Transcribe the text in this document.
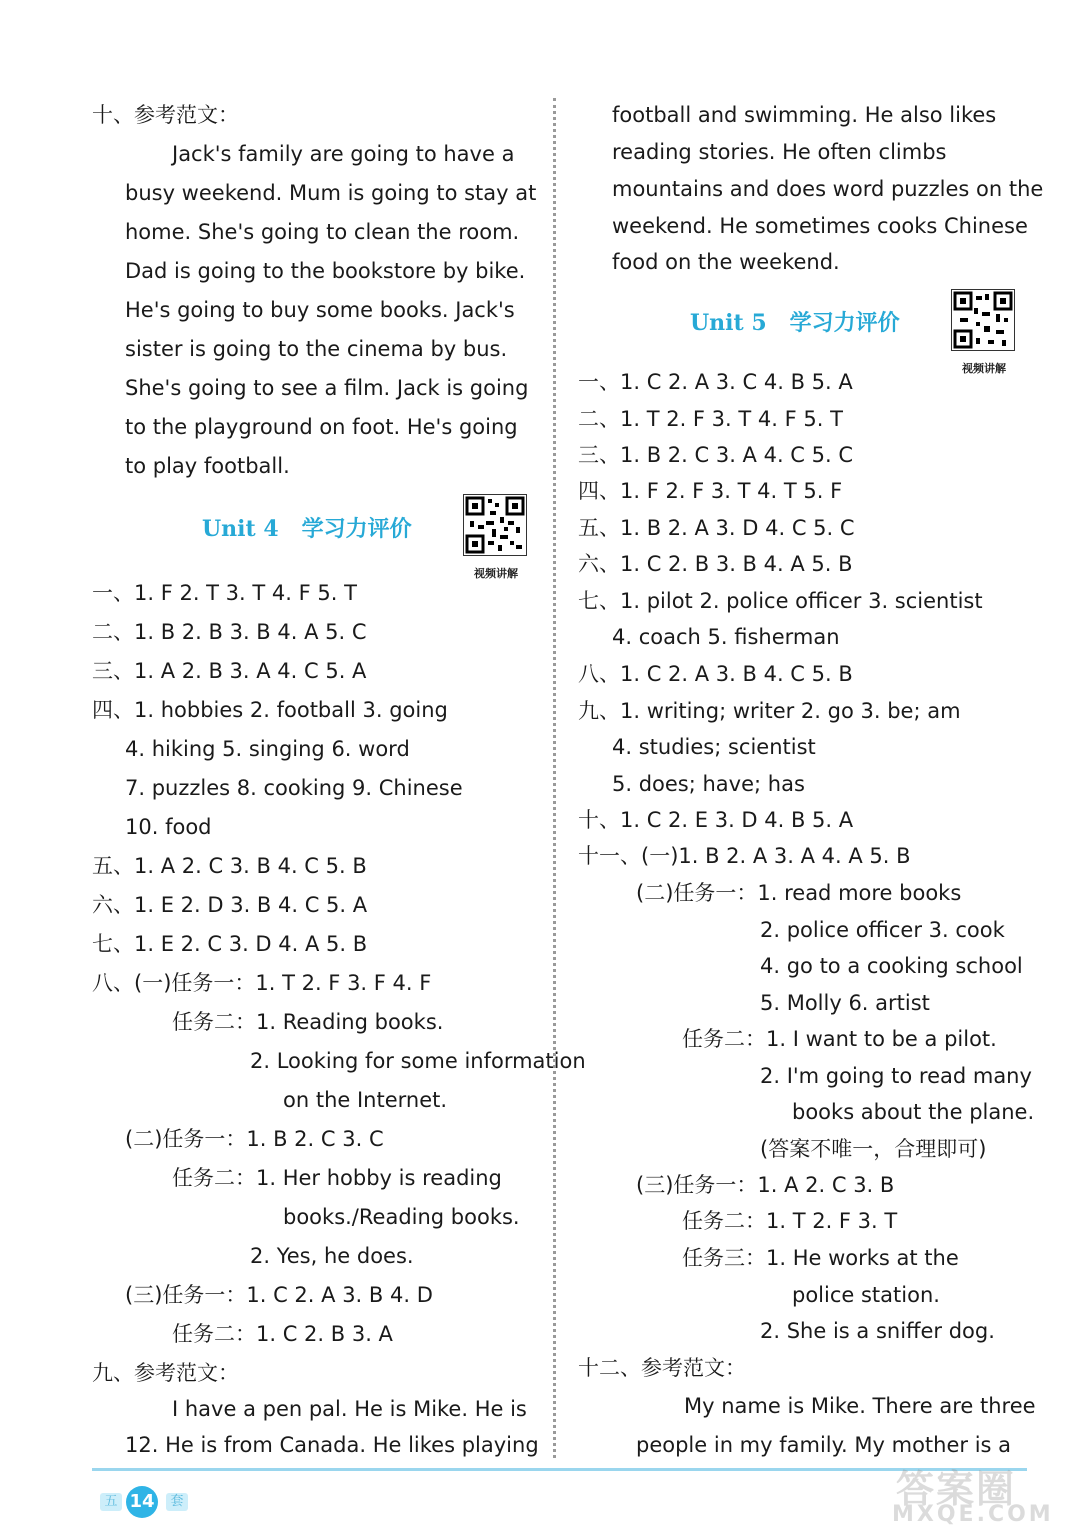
十、参考范文：
Jack's family are going to have a
busy weekend. Mum is going to stay at
home. She's going to clean the room.
Dad is going to the bookstore by bike.
He's going to buy some books. Jack's
sister is going to the cinema by bus.
She's going to see a film. Jack is going
to the playground on foot. He's going
to play football.
Unit 4 学习力评价
视频讲解
一、1. F 2. T 3. T 4. F 5. T
二、1. B 2. B 3. B 4. A 5. C
三、1. A 2. B 3. A 4. C 5. A
四、1. hobbies 2. football 3. going
4. hiking 5. singing 6. word
7. puzzles 8. cooking 9. Chinese
10. food
五、1. A 2. C 3. B 4. C 5. B
六、1. E 2. D 3. B 4. C 5. A
七、1. E 2. C 3. D 4. A 5. B
八、(一)任务一：1. T 2. F 3. F 4. F
任务二：1. Reading books.
2. Looking for some information
on the Internet.
(二)任务一：1. B 2. C 3. C
任务二：1. Her hobby is reading
books./Reading books.
2. Yes, he does.
(三)任务一：1. C 2. A 3. B 4. D
任务二：1. C 2. B 3. A
九、参考范文：
I have a pen pal. He is Mike. He is
12. He is from Canada. He likes playing
football and swimming. He also likes
reading stories. He often climbs
mountains and does word puzzles on the
weekend. He sometimes cooks Chinese
food on the weekend.
Unit 5 学习力评价
视频讲解
一、1. C 2. A 3. C 4. B 5. A
二、1. T 2. F 3. T 4. F 5. T
三、1. B 2. C 3. A 4. C 5. C
四、1. F 2. F 3. T 4. T 5. F
五、1. B 2. A 3. D 4. C 5. C
六、1. C 2. B 3. B 4. A 5. B
七、1. pilot 2. police officer 3. scientist
4. coach 5. fisherman
八、1. C 2. A 3. B 4. C 5. B
九、1. writing; writer 2. go 3. be; am
4. studies; scientist
5. does; have; has
十、1. C 2. E 3. D 4. B 5. A
十一、(一)1. B 2. A 3. A 4. A 5. B
(二)任务一：1. read more books
2. police officer 3. cook
4. go to a cooking school
5. Molly 6. artist
任务二：1. I want to be a pilot.
2. I'm going to read many
books about the plane.
(答案不唯一，合理即可)
(三)任务一：1. A 2. C 3. B
任务二：1. T 2. F 3. T
任务三：1. He works at the
police station.
2. She is a sniffer dog.
十二、参考范文：
My name is Mike. There are three
people in my family. My mother is a
五 14	套	答案圈
MXQE.COM
